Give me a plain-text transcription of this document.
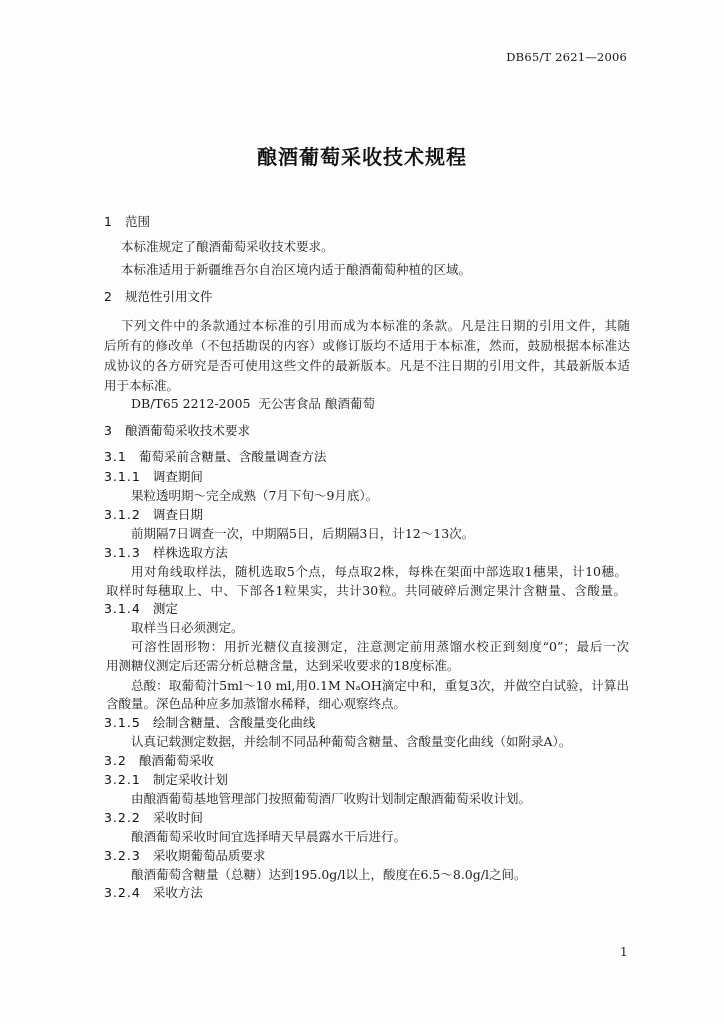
DB65/T 2621—2006
酿酒葡萄采收技术规程
1 范围
本标准规定了酿酒葡萄采收技术要求。
本标准适用于新疆维吾尔自治区境内适于酿酒葡萄种植的区域。
2 规范性引用文件
下列文件中的条款通过本标准的引用而成为本标准的条款。凡是注日期的引用文件，其随
后所有的修改单（不包括勘误的内容）或修订版均不适用于本标准，然而，鼓励根据本标准达
成协议的各方研究是否可使用这些文件的最新版本。凡是不注日期的引用文件，其最新版本适
用于本标准。
DB/T65 2212-2005  无公害食品 酿酒葡萄
3 酿酒葡萄采收技术要求
3.1 葡萄采前含糖量、含酸量调查方法
3.1.1 调查期间
果粒透明期～完全成熟（7月下旬～9月底）。
3.1.2 调查日期
前期隔7日调查一次，中期隔5日，后期隔3日，计12～13次。
3.1.3 样株选取方法
用对角线取样法，随机选取5个点，每点取2株，每株在架面中部选取1穗果，计10穗。
取样时每穗取上、中、下部各1粒果实，共计30粒。共同破碎后测定果汁含糖量、含酸量。
3.1.4 测定
取样当日必须测定。
可溶性固形物：用折光糖仪直接测定，注意测定前用蒸馏水校正到刻度“0”；最后一次
用测糖仪测定后还需分析总糖含量，达到采收要求的18度标准。
总酸：取葡萄汁5ml～10 ml,用0.1M NₐOH滴定中和，重复3次，并做空白试验，计算出
含酸量。深色品种应多加蒸馏水稀释，细心观察终点。
3.1.5 绘制含糖量、含酸量变化曲线
认真记载测定数据，并绘制不同品种葡萄含糖量、含酸量变化曲线（如附录A）。
3.2 酿酒葡萄采收
3.2.1 制定采收计划
由酿酒葡萄基地管理部门按照葡萄酒厂收购计划制定酿酒葡萄采收计划。
3.2.2 采收时间
酿酒葡萄采收时间宜选择晴天早晨露水干后进行。
3.2.3 采收期葡萄品质要求
酿酒葡萄含糖量（总糖）达到195.0g/l以上，酸度在6.5～8.0g/l之间。
3.2.4 采收方法
1
